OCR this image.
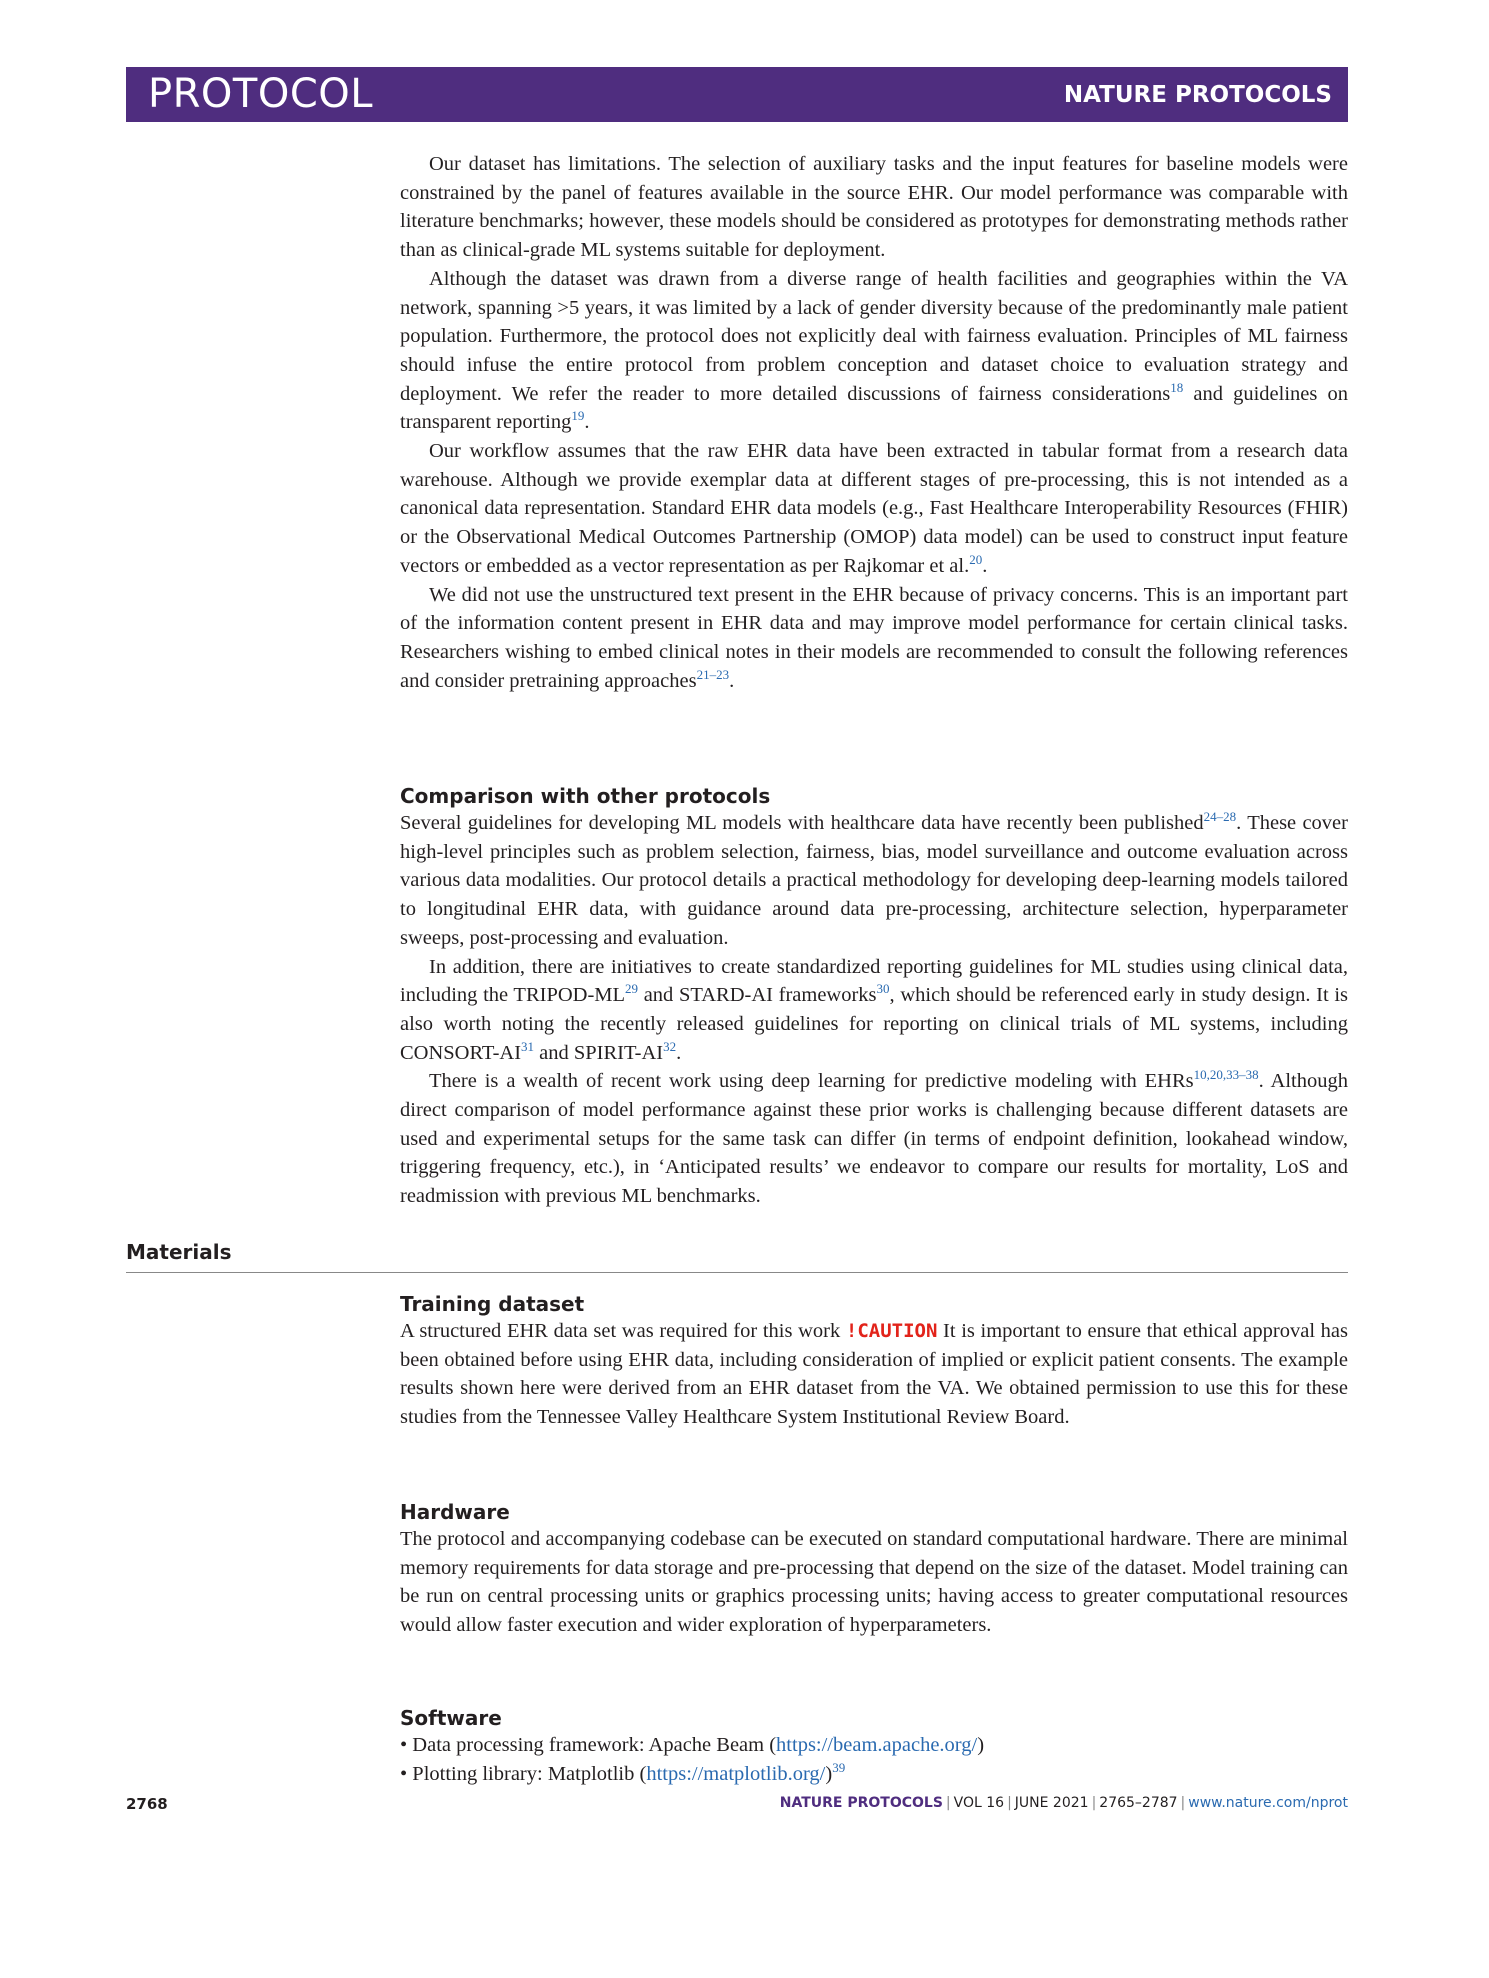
PROTOCOL	NATURE PROTOCOLS

Our dataset has limitations. The selection of auxiliary tasks and the input features for baseline models were constrained by the panel of features available in the source EHR. Our model performance was comparable with literature benchmarks; however, these models should be considered as prototypes for demonstrating methods rather than as clinical-grade ML systems suitable for deployment.

Although the dataset was drawn from a diverse range of health facilities and geographies within the VA network, spanning >5 years, it was limited by a lack of gender diversity because of the predominantly male patient population. Furthermore, the protocol does not explicitly deal with fairness evaluation. Principles of ML fairness should infuse the entire protocol from problem conception and dataset choice to evaluation strategy and deployment. We refer the reader to more detailed discussions of fairness considerations$^{18}$ and guidelines on transparent reporting$^{19}$.

Our workflow assumes that the raw EHR data have been extracted in tabular format from a research data warehouse. Although we provide exemplar data at different stages of pre-processing, this is not intended as a canonical data representation. Standard EHR data models (e.g., Fast Healthcare Interoperability Resources (FHIR) or the Observational Medical Outcomes Partnership (OMOP) data model) can be used to construct input feature vectors or embedded as a vector representation as per Rajkomar et al.$^{20}$.

We did not use the unstructured text present in the EHR because of privacy concerns. This is an important part of the information content present in EHR data and may improve model performance for certain clinical tasks. Researchers wishing to embed clinical notes in their models are recommended to consult the following references and consider pretraining approaches$^{21-23}$.

Comparison with other protocols

Several guidelines for developing ML models with healthcare data have recently been published$^{24-28}$. These cover high-level principles such as problem selection, fairness, bias, model surveillance and outcome evaluation across various data modalities. Our protocol details a practical methodology for developing deep-learning models tailored to longitudinal EHR data, with guidance around data pre-processing, architecture selection, hyperparameter sweeps, post-processing and evaluation.

In addition, there are initiatives to create standardized reporting guidelines for ML studies using clinical data, including the TRIPOD-ML$^{29}$ and STARD-AI frameworks$^{30}$, which should be referenced early in study design. It is also worth noting the recently released guidelines for reporting on clinical trials of ML systems, including CONSORT-AI$^{31}$ and SPIRIT-AI$^{32}$.

There is a wealth of recent work using deep learning for predictive modeling with EHRs$^{10,20,33-38}$. Although direct comparison of model performance against these prior works is challenging because different datasets are used and experimental setups for the same task can differ (in terms of endpoint definition, lookahead window, triggering frequency, etc.), in ‘Anticipated results’ we endeavor to compare our results for mortality, LoS and readmission with previous ML benchmarks.

Materials
Training dataset

A structured EHR data set was required for this work !CAUTION It is important to ensure that ethical approval has been obtained before using EHR data, including consideration of implied or explicit patient consents. The example results shown here were derived from an EHR dataset from the VA. We obtained permission to use this for these studies from the Tennessee Valley Healthcare System Institutional Review Board.

Hardware

The protocol and accompanying codebase can be executed on standard computational hardware. There are minimal memory requirements for data storage and pre-processing that depend on the size of the dataset. Model training can be run on central processing units or graphics processing units; having access to greater computational resources would allow faster execution and wider exploration of hyperparameters.

Software
• Data processing framework: Apache Beam (https://beam.apache.org/)
• Plotting library: Matplotlib (https://matplotlib.org/)$^{39}$
2768	NATURE PROTOCOLS | VOL 16 | JUNE 2021 | 2765–2787 | www.nature.com/nprot
